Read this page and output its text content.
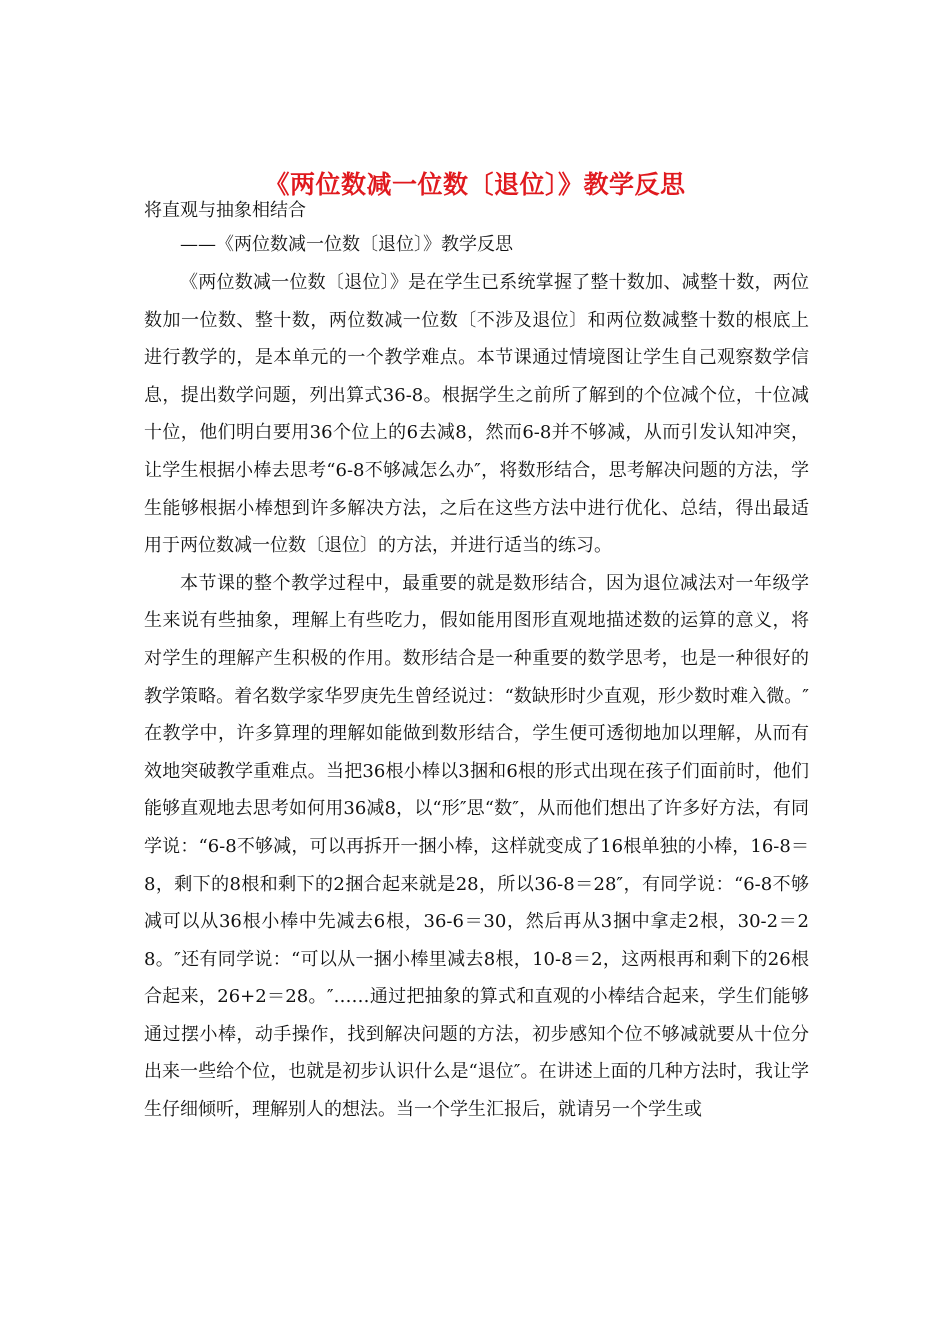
《两位数减一位数〔退位〕》教学反思

将直观与抽象相结合

——《两位数减一位数〔退位〕》教学反思

《两位数减一位数〔退位〕》是在学生已系统掌握了整十数加、减整十数，两位数加一位数、整十数，两位数减一位数〔不涉及退位〕和两位数减整十数的根底上进行教学的，是本单元的一个教学难点。本节课通过情境图让学生自己观察数学信息，提出数学问题，列出算式36-8。根据学生之前所了解到的个位减个位，十位减十位，他们明白要用36个位上的6去减8，然而6-8并不够减，从而引发认知冲突，让学生根据小棒去思考“6-8不够减怎么办″，将数形结合，思考解决问题的方法，学生能够根据小棒想到许多解决方法，之后在这些方法中进行优化、总结，得出最适用于两位数减一位数〔退位〕的方法，并进行适当的练习。

本节课的整个教学过程中，最重要的就是数形结合，因为退位减法对一年级学生来说有些抽象，理解上有些吃力，假如能用图形直观地描述数的运算的意义，将对学生的理解产生积极的作用。数形结合是一种重要的数学思考，也是一种很好的教学策略。着名数学家华罗庚先生曾经说过：“数缺形时少直观，形少数时难入微。″在教学中，许多算理的理解如能做到数形结合，学生便可透彻地加以理解，从而有效地突破教学重难点。当把36根小棒以3捆和6根的形式出现在孩子们面前时，他们能够直观地去思考如何用36减8，以“形″思“数″，从而他们想出了许多好方法，有同学说：“6-8不够减，可以再拆开一捆小棒，这样就变成了16根单独的小棒，16-8＝8，剩下的8根和剩下的2捆合起来就是28，所以36-8＝28″，有同学说：“6-8不够减可以从36根小棒中先减去6根，36-6＝30，然后再从3捆中拿走2根，30-2＝28。″还有同学说：“可以从一捆小棒里减去8根，10-8＝2，这两根再和剩下的26根合起来，26+2＝28。″……通过把抽象的算式和直观的小棒结合起来，学生们能够通过摆小棒，动手操作，找到解决问题的方法，初步感知个位不够减就要从十位分出来一些给个位，也就是初步认识什么是“退位″。在讲述上面的几种方法时，我让学生仔细倾听，理解别人的想法。当一个学生汇报后，就请另一个学生或
